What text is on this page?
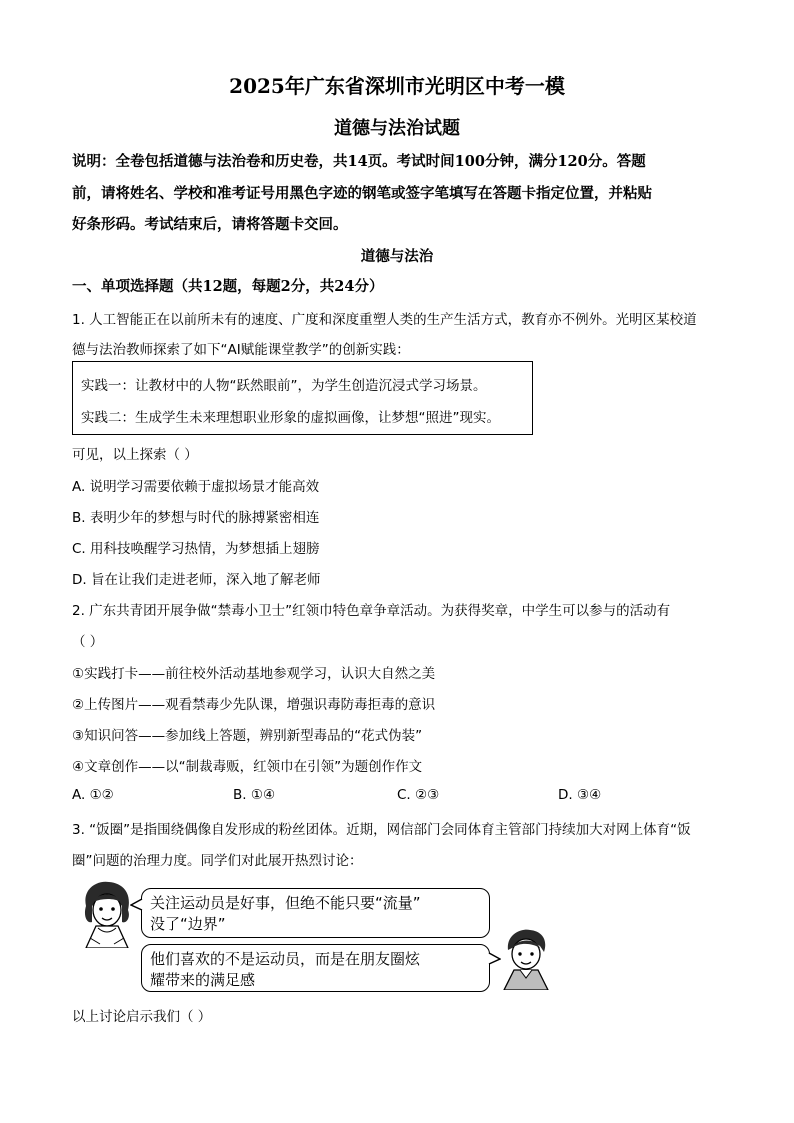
2025年广东省深圳市光明区中考一模
道德与法治试题
说明：全卷包括道德与法治卷和历史卷，共14页。考试时间100分钟，满分120分。答题
前，请将姓名、学校和准考证号用黑色字迹的钢笔或签字笔填写在答题卡指定位置，并粘贴
好条形码。考试结束后，请将答题卡交回。
道德与法治
一、单项选择题（共12题，每题2分，共24分）
1. 人工智能正在以前所未有的速度、广度和深度重塑人类的生产生活方式，教育亦不例外。光明区某校道
德与法治教师探索了如下“AI赋能课堂教学”的创新实践：
实践一：让教材中的人物“跃然眼前”，为学生创造沉浸式学习场景。
实践二：生成学生未来理想职业形象的虚拟画像，让梦想“照进”现实。
可见，以上探索（ ）
A. 说明学习需要依赖于虚拟场景才能高效
B. 表明少年的梦想与时代的脉搏紧密相连
C. 用科技唤醒学习热情，为梦想插上翅膀
D. 旨在让我们走进老师，深入地了解老师
2. 广东共青团开展争做“禁毒小卫士”红领巾特色章争章活动。为获得奖章，中学生可以参与的活动有
（ ）
①实践打卡——前往校外活动基地参观学习，认识大自然之美
②上传图片——观看禁毒少先队课，增强识毒防毒拒毒的意识
③知识问答——参加线上答题，辨别新型毒品的“花式伪装”
④文章创作——以“制裁毒贩，红领巾在引领”为题创作作文
A. ①②	B. ①④	C. ②③	D. ③④
3. “饭圈”是指围绕偶像自发形成的粉丝团体。近期，网信部门会同体育主管部门持续加大对网上体育“饭
圈”问题的治理力度。同学们对此展开热烈讨论：
关注运动员是好事，但绝不能只要“流量”
没了“边界”
他们喜欢的不是运动员，而是在朋友圈炫
耀带来的满足感
以上讨论启示我们（ ）
